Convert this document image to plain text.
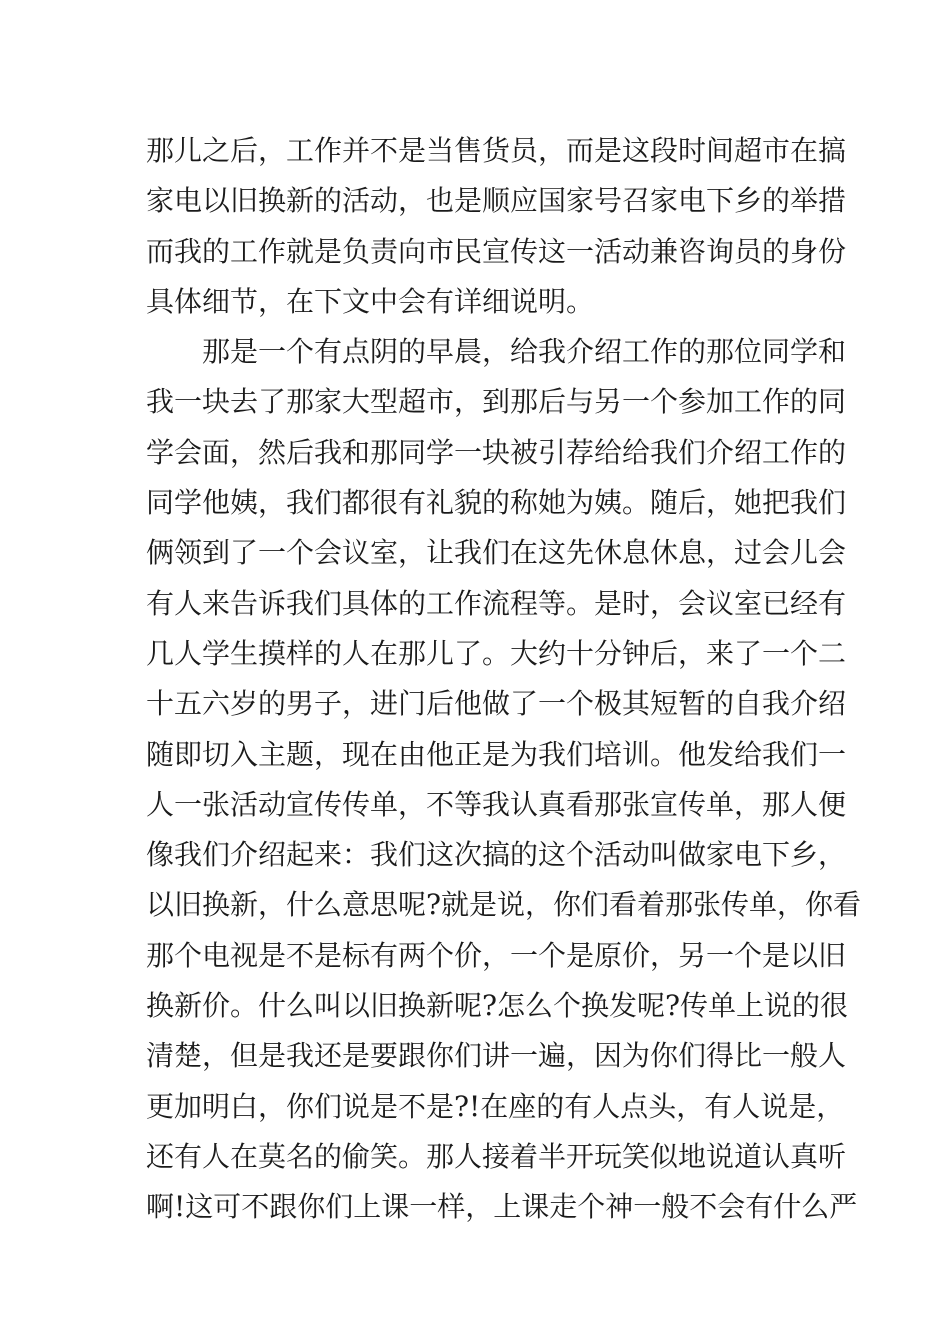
那儿之后，工作并不是当售货员，而是这段时间超市在搞
家电以旧换新的活动，也是顺应国家号召家电下乡的举措
而我的工作就是负责向市民宣传这一活动兼咨询员的身份
具体细节，在下文中会有详细说明。
那是一个有点阴的早晨，给我介绍工作的那位同学和
我一块去了那家大型超市，到那后与另一个参加工作的同
学会面，然后我和那同学一块被引荐给给我们介绍工作的
同学他姨，我们都很有礼貌的称她为姨。随后，她把我们
俩领到了一个会议室，让我们在这先休息休息，过会儿会
有人来告诉我们具体的工作流程等。是时，会议室已经有
几人学生摸样的人在那儿了。大约十分钟后，来了一个二
十五六岁的男子，进门后他做了一个极其短暂的自我介绍
随即切入主题，现在由他正是为我们培训。他发给我们一
人一张活动宣传传单，不等我认真看那张宣传单，那人便
像我们介绍起来：我们这次搞的这个活动叫做家电下乡，
以旧换新，什么意思呢?就是说，你们看着那张传单，你看
那个电视是不是标有两个价，一个是原价，另一个是以旧
换新价。什么叫以旧换新呢?怎么个换发呢?传单上说的很
清楚，但是我还是要跟你们讲一遍，因为你们得比一般人
更加明白，你们说是不是?!在座的有人点头，有人说是，
还有人在莫名的偷笑。那人接着半开玩笑似地说道认真听
啊!这可不跟你们上课一样，上课走个神一般不会有什么严
